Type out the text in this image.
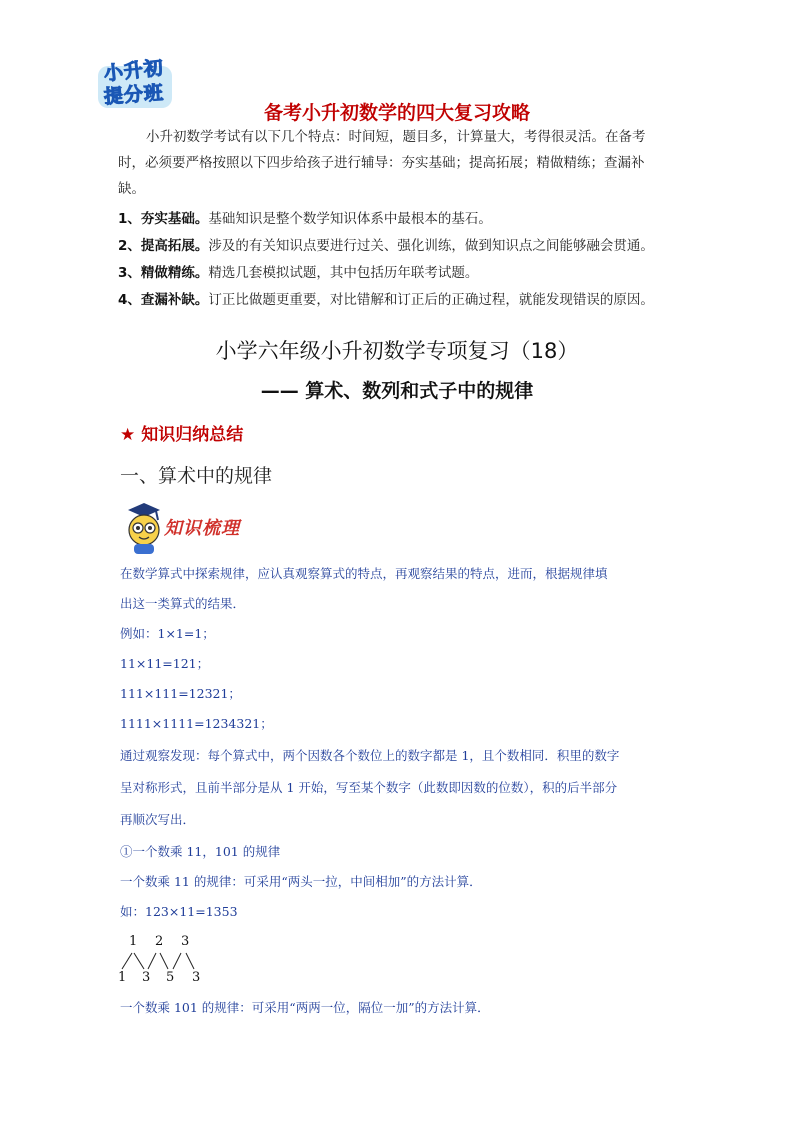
小升初
提分班
备考小升初数学的四大复习攻略
小升初数学考试有以下几个特点：时间短，题目多，计算量大，考得很灵活。在备考
时，必须要严格按照以下四步给孩子进行辅导：夯实基础；提高拓展；精做精练；查漏补
缺。
1、夯实基础。基础知识是整个数学知识体系中最根本的基石。
2、提高拓展。涉及的有关知识点要进行过关、强化训练，做到知识点之间能够融会贯通。
3、精做精练。精选几套模拟试题，其中包括历年联考试题。
4、查漏补缺。订正比做题更重要，对比错解和订正后的正确过程，就能发现错误的原因。
小学六年级小升初数学专项复习（18）
—— 算术、数列和式子中的规律
★ 知识归纳总结
一、算术中的规律
知识梳理
在数学算式中探索规律，应认真观察算式的特点，再观察结果的特点，进而，根据规律填
出这一类算式的结果．
例如：1×1=1；
11×11=121；
111×111=12321；
1111×1111=1234321；
通过观察发现：每个算式中，两个因数各个数位上的数字都是 1，且个数相同．积里的数字
呈对称形式，且前半部分是从 1 开始，写至某个数字（此数即因数的位数），积的后半部分
再顺次写出．
①一个数乘 11，101 的规律
一个数乘 11 的规律：可采用“两头一拉，中间相加”的方法计算．
如：123×11=1353
1 2 3
1 3 5 3
一个数乘 101 的规律：可采用“两两一位，隔位一加”的方法计算．
